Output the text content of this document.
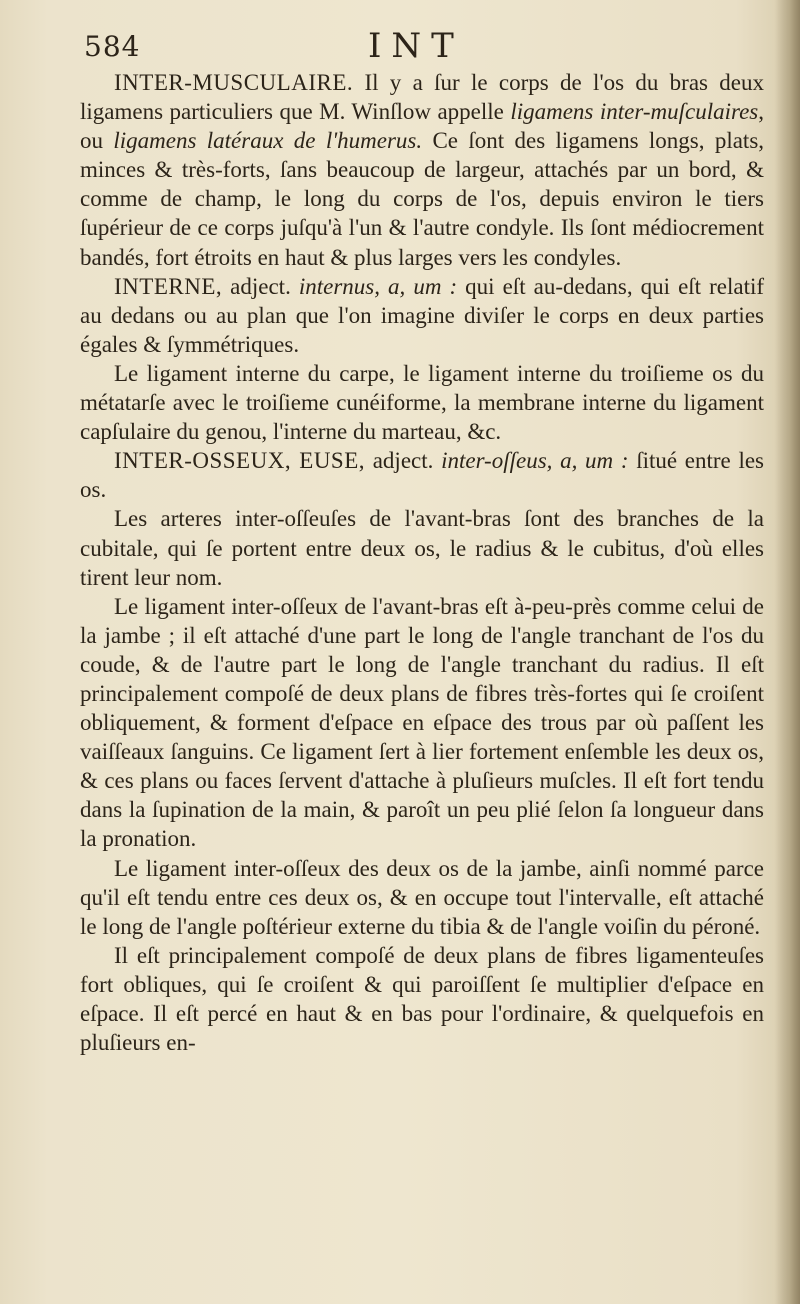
584	INT

INTER-MUSCULAIRE. Il y a ſur le corps de l'os du bras deux ligamens particuliers que M. Winſlow appelle ligamens inter-muſculaires, ou ligamens latéraux de l'humerus. Ce ſont des ligamens longs, plats, minces & très-forts, ſans beaucoup de largeur, attachés par un bord, & comme de champ, le long du corps de l'os, depuis environ le tiers ſupérieur de ce corps juſqu'à l'un & l'autre condyle. Ils ſont médiocrement bandés, fort étroits en haut & plus larges vers les condyles.

INTERNE, adject. internus, a, um : qui eſt au-dedans, qui eſt relatif au dedans ou au plan que l'on imagine diviſer le corps en deux parties égales & ſymmétriques.

Le ligament interne du carpe, le ligament interne du troiſieme os du métatarſe avec le troiſieme cunéiforme, la membrane interne du ligament capſulaire du genou, l'interne du marteau, &c.

INTER-OSSEUX, EUSE, adject. inter-oſſeus, a, um : ſitué entre les os.

Les arteres inter-oſſeuſes de l'avant-bras ſont des branches de la cubitale, qui ſe portent entre deux os, le radius & le cubitus, d'où elles tirent leur nom.

Le ligament inter-oſſeux de l'avant-bras eſt à-peu-près comme celui de la jambe ; il eſt attaché d'une part le long de l'angle tranchant de l'os du coude, & de l'autre part le long de l'angle tranchant du radius. Il eſt principalement compoſé de deux plans de fibres très-fortes qui ſe croiſent obliquement, & forment d'eſpace en eſpace des trous par où paſſent les vaiſſeaux ſanguins. Ce ligament ſert à lier fortement enſemble les deux os, & ces plans ou faces ſervent d'attache à pluſieurs muſcles. Il eſt fort tendu dans la ſupination de la main, & paroît un peu plié ſelon ſa longueur dans la pronation.

Le ligament inter-oſſeux des deux os de la jambe, ainſi nommé parce qu'il eſt tendu entre ces deux os, & en occupe tout l'intervalle, eſt attaché le long de l'angle poſtérieur externe du tibia & de l'angle voiſin du péroné.

Il eſt principalement compoſé de deux plans de fibres ligamenteuſes fort obliques, qui ſe croiſent & qui paroiſſent ſe multiplier d'eſpace en eſpace. Il eſt percé en haut & en bas pour l'ordinaire, & quelquefois en pluſieurs en-
